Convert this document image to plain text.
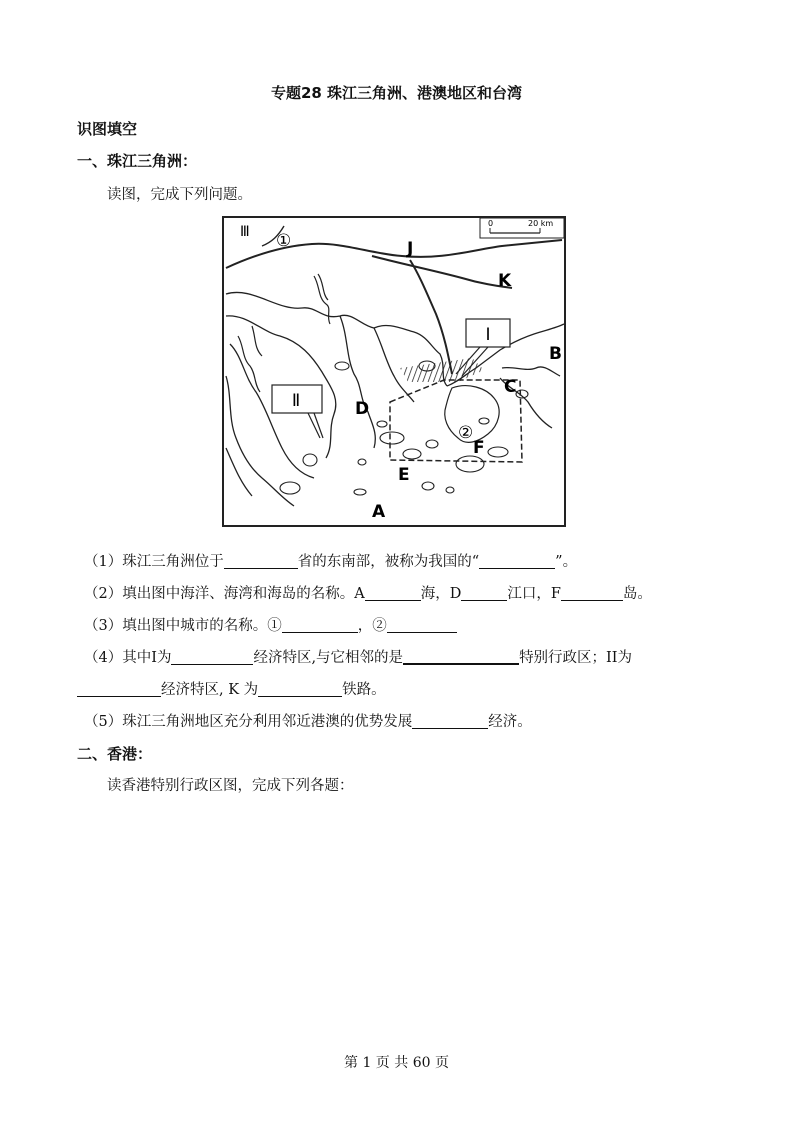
专题28 珠江三角洲、港澳地区和台湾
识图填空
一、珠江三角洲：
读图，完成下列问题。
0	20 km
I
Ⅱ
Ⅲ ①	J
K
B
C
D
②
F
E
A
（1）珠江三角洲位于	省的东南部，被称为我国的“	”。
（2）填出图中海洋、海湾和海岛的名称。A	海，D	江口，F	岛。
（3）填出图中城市的名称。①	，②
（4）其中I为	经济特区,与它相邻的是	特别行政区；II为
经济特区, K 为	铁路。
（5）珠江三角洲地区充分利用邻近港澳的优势发展	经济。
二、香港：
读香港特别行政区图，完成下列各题：
第 1 页 共 60 页
